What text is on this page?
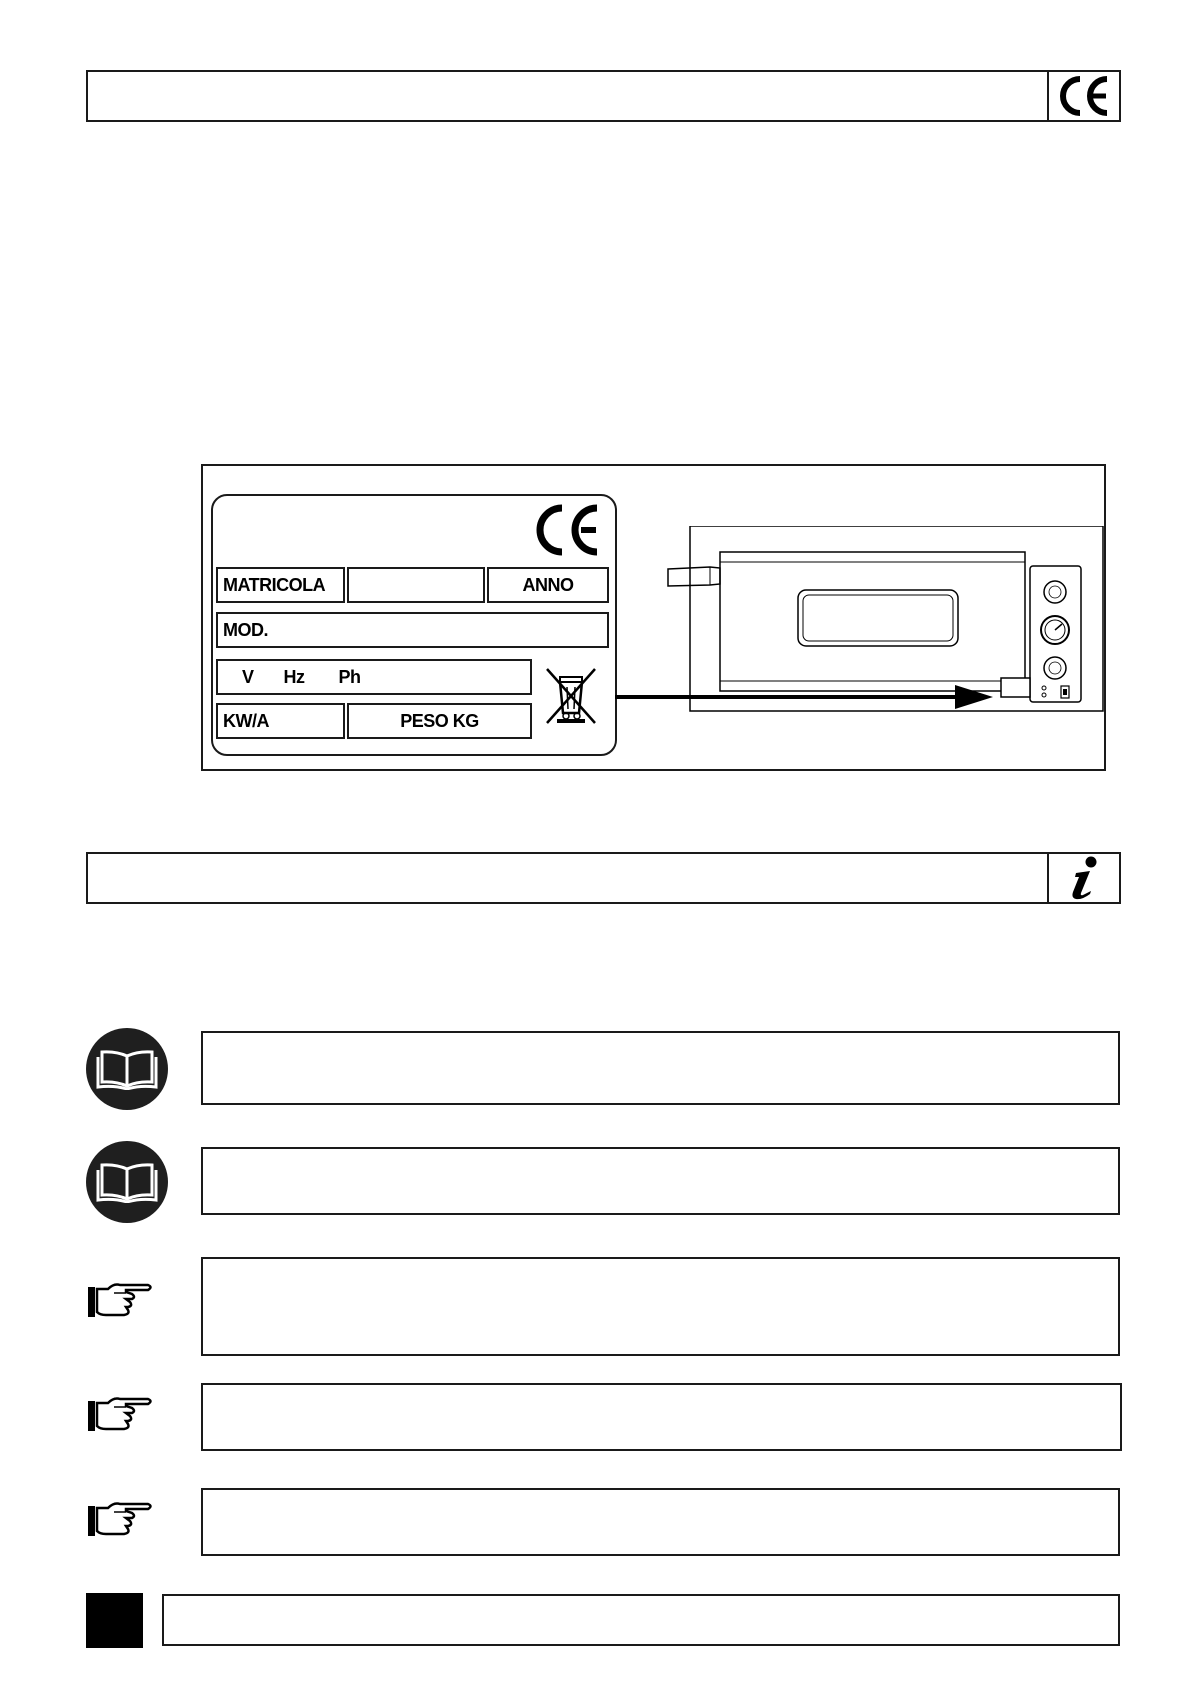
MATRICOLA	ANNO
MOD.
V Hz Ph
KW/A	PESO KG
